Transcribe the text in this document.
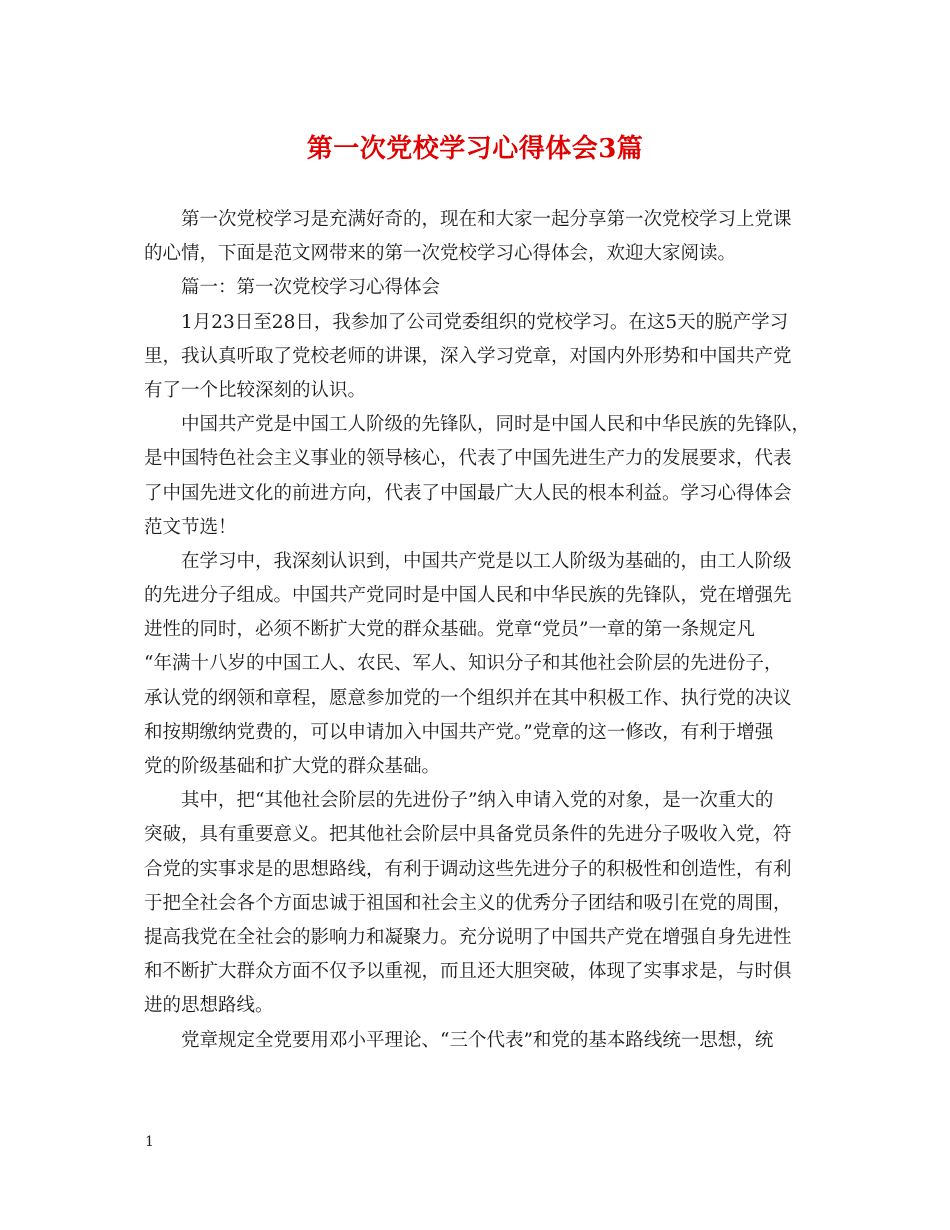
第一次党校学习心得体会3篇
第一次党校学习是充满好奇的，现在和大家一起分享第一次党校学习上党课
的心情，下面是范文网带来的第一次党校学习心得体会，欢迎大家阅读。
篇一：第一次党校学习心得体会
1月23日至28日，我参加了公司党委组织的党校学习。在这5天的脱产学习
里，我认真听取了党校老师的讲课，深入学习党章，对国内外形势和中国共产党
有了一个比较深刻的认识。
中国共产党是中国工人阶级的先锋队，同时是中国人民和中华民族的先锋队，
是中国特色社会主义事业的领导核心，代表了中国先进生产力的发展要求，代表
了中国先进文化的前进方向，代表了中国最广大人民的根本利益。学习心得体会
范文节选！
在学习中，我深刻认识到，中国共产党是以工人阶级为基础的，由工人阶级
的先进分子组成。中国共产党同时是中国人民和中华民族的先锋队，党在增强先
进性的同时，必须不断扩大党的群众基础。党章“党员”一章的第一条规定凡
“年满十八岁的中国工人、农民、军人、知识分子和其他社会阶层的先进份子，
承认党的纲领和章程，愿意参加党的一个组织并在其中积极工作、执行党的决议
和按期缴纳党费的，可以申请加入中国共产党。”党章的这一修改，有利于增强
党的阶级基础和扩大党的群众基础。
其中，把“其他社会阶层的先进份子”纳入申请入党的对象，是一次重大的
突破，具有重要意义。把其他社会阶层中具备党员条件的先进分子吸收入党，符
合党的实事求是的思想路线，有利于调动这些先进分子的积极性和创造性，有利
于把全社会各个方面忠诚于祖国和社会主义的优秀分子团结和吸引在党的周围，
提高我党在全社会的影响力和凝聚力。充分说明了中国共产党在增强自身先进性
和不断扩大群众方面不仅予以重视，而且还大胆突破，体现了实事求是，与时俱
进的思想路线。
党章规定全党要用邓小平理论、“三个代表”和党的基本路线统一思想，统
1
